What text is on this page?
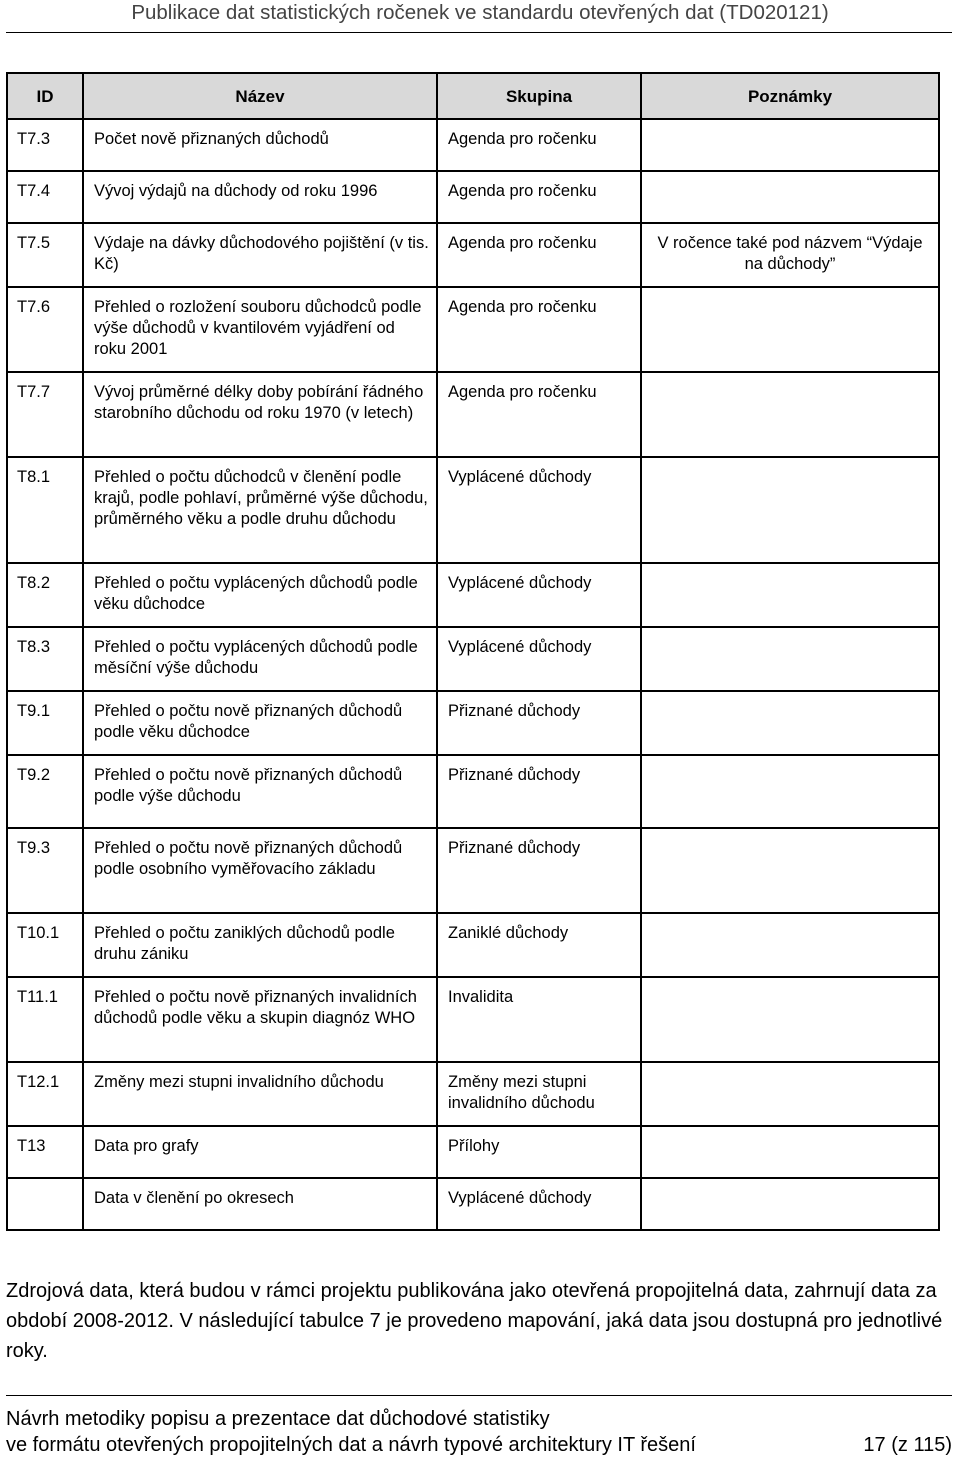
Publikace dat statistických ročenek ve standardu otevřených dat (TD020121)
ID	Název	Skupina	Poznámky

T7.3	Počet nově přiznaných důchodů	Agenda pro ročenku	

T7.4	Vývoj výdajů na důchody od roku 1996	Agenda pro ročenku	

T7.5	Výdaje na dávky důchodového pojištění (v tis. Kč)	Agenda pro ročenku	V ročence také pod názvem “Výdaje na důchody”

T7.6	Přehled o rozložení souboru důchodců podle výše důchodů v kvantilovém vyjádření od roku 2001	Agenda pro ročenku	

T7.7	Vývoj průměrné délky doby pobírání řádného starobního důchodu od roku 1970 (v letech)	Agenda pro ročenku	

T8.1	Přehled o počtu důchodců v členění podle krajů, podle pohlaví, průměrné výše důchodu, průměrného věku a podle druhu důchodu	Vyplácené důchody	

T8.2	Přehled o počtu vyplácených důchodů podle věku důchodce	Vyplácené důchody	

T8.3	Přehled o počtu vyplácených důchodů podle měsíční výše důchodu	Vyplácené důchody	

T9.1	Přehled o počtu nově přiznaných důchodů podle věku důchodce	Přiznané důchody	

T9.2	Přehled o počtu nově přiznaných důchodů podle výše důchodu	Přiznané důchody	

T9.3	Přehled o počtu nově přiznaných důchodů podle osobního vyměřovacího základu	Přiznané důchody	

T10.1	Přehled o počtu zaniklých důchodů podle druhu zániku	Zaniklé důchody	

T11.1	Přehled o počtu nově přiznaných invalidních důchodů podle věku a skupin diagnóz WHO	Invalidita	

T12.1	Změny mezi stupni invalidního důchodu	Změny mezi stupni invalidního důchodu	

T13	Data pro grafy	Přílohy	

	Data v členění po okresech	Vyplácené důchody	

Zdrojová data, která budou v rámci projektu publikována jako otevřená propojitelná data, zahrnují data za období 2008-2012. V následující tabulce 7 je provedeno mapování, jaká data jsou dostupná pro jednotlivé roky.
Návrh metodiky popisu a prezentace dat důchodové statistiky
ve formátu otevřených propojitelných dat a návrh typové architektury IT řešení	17 (z 115)
